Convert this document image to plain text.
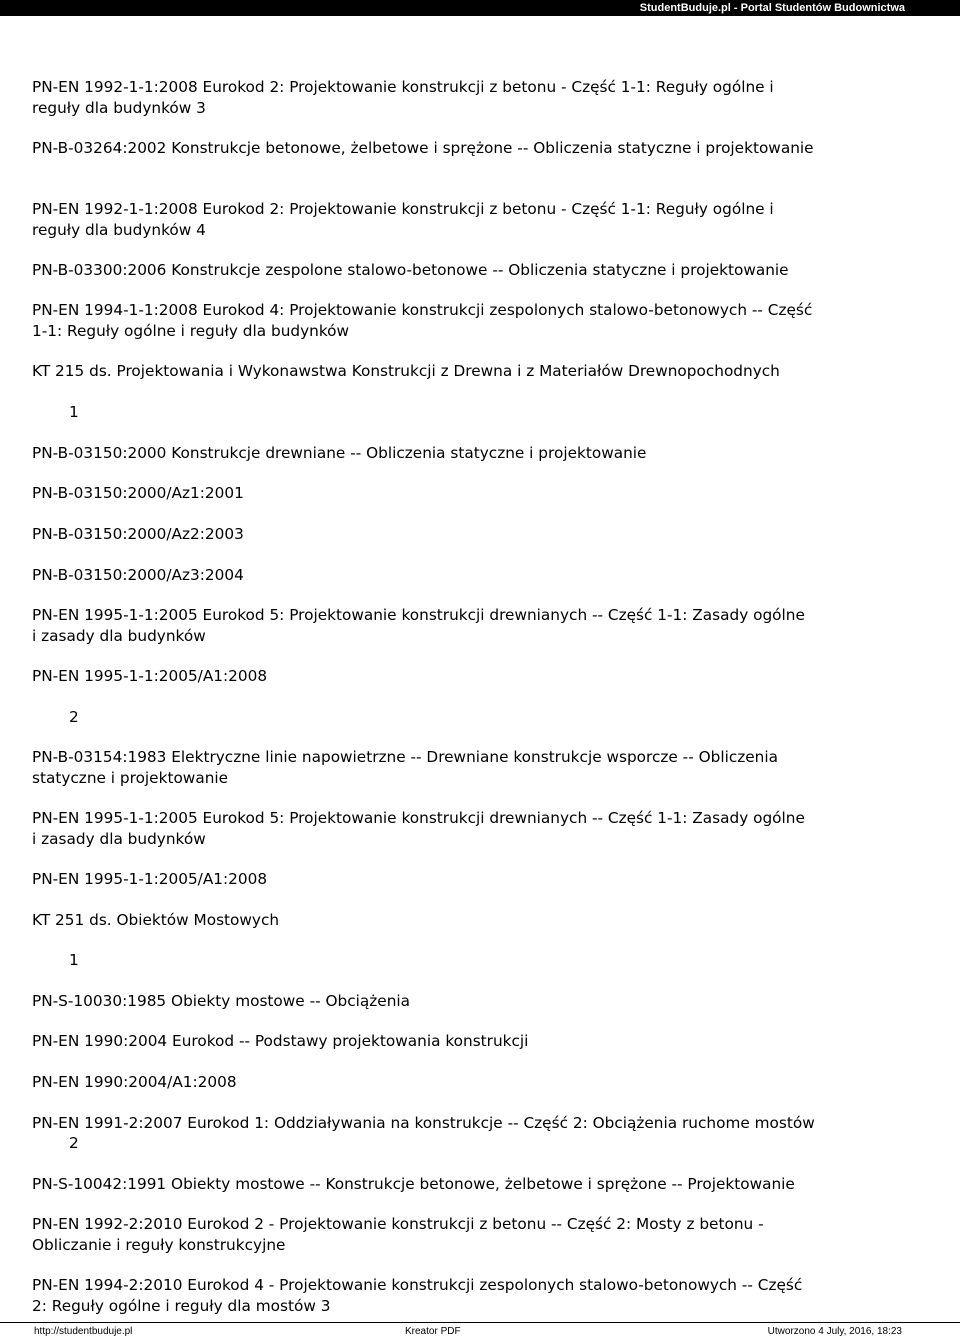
StudentBuduje.pl - Portal Studentów Budownictwa
PN-EN 1992-1-1:2008 Eurokod 2: Projektowanie konstrukcji z betonu - Część 1-1: Reguły ogólne i
reguły dla budynków 3
PN-B-03264:2002 Konstrukcje betonowe, żelbetowe i sprężone -- Obliczenia statyczne i projektowanie
PN-EN 1992-1-1:2008 Eurokod 2: Projektowanie konstrukcji z betonu - Część 1-1: Reguły ogólne i
reguły dla budynków 4
PN-B-03300:2006 Konstrukcje zespolone stalowo-betonowe -- Obliczenia statyczne i projektowanie
PN-EN 1994-1-1:2008 Eurokod 4: Projektowanie konstrukcji zespolonych stalowo-betonowych -- Część
1-1: Reguły ogólne i reguły dla budynków
KT 215 ds. Projektowania i Wykonawstwa Konstrukcji z Drewna i z Materiałów Drewnopochodnych
1
PN-B-03150:2000 Konstrukcje drewniane -- Obliczenia statyczne i projektowanie
PN-B-03150:2000/Az1:2001
PN-B-03150:2000/Az2:2003
PN-B-03150:2000/Az3:2004
PN-EN 1995-1-1:2005 Eurokod 5: Projektowanie konstrukcji drewnianych -- Część 1-1: Zasady ogólne
i zasady dla budynków
PN-EN 1995-1-1:2005/A1:2008
2
PN-B-03154:1983 Elektryczne linie napowietrzne -- Drewniane konstrukcje wsporcze -- Obliczenia
statyczne i projektowanie
PN-EN 1995-1-1:2005 Eurokod 5: Projektowanie konstrukcji drewnianych -- Część 1-1: Zasady ogólne
i zasady dla budynków
PN-EN 1995-1-1:2005/A1:2008
KT 251 ds. Obiektów Mostowych
1
PN-S-10030:1985 Obiekty mostowe -- Obciążenia
PN-EN 1990:2004 Eurokod -- Podstawy projektowania konstrukcji
PN-EN 1990:2004/A1:2008
PN-EN 1991-2:2007 Eurokod 1: Oddziaływania na konstrukcje -- Część 2: Obciążenia ruchome mostów
2
PN-S-10042:1991 Obiekty mostowe -- Konstrukcje betonowe, żelbetowe i sprężone -- Projektowanie
PN-EN 1992-2:2010 Eurokod 2 - Projektowanie konstrukcji z betonu -- Część 2: Mosty z betonu -
Obliczanie i reguły konstrukcyjne
PN-EN 1994-2:2010 Eurokod 4 - Projektowanie konstrukcji zespolonych stalowo-betonowych -- Część
2: Reguły ogólne i reguły dla mostów 3
http://studentbuduje.pl	Kreator PDF	Utworzono 4 July, 2016, 18:23
